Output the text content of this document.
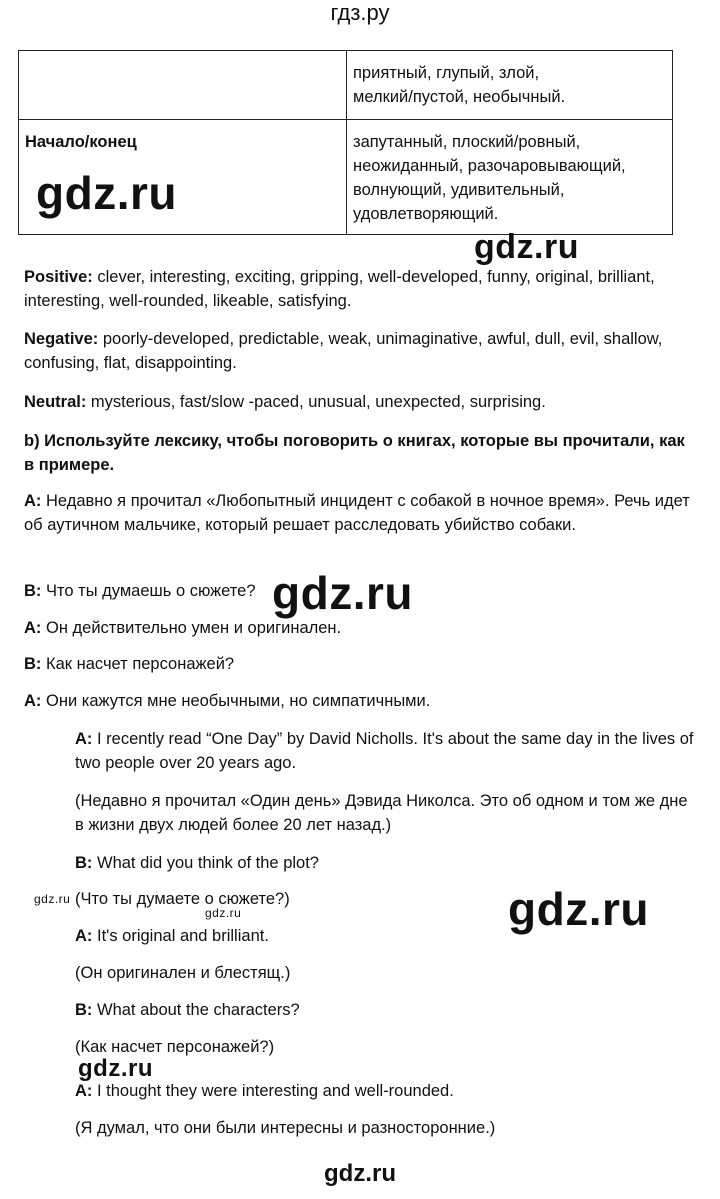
гдз.ру

	приятный, глупый, злой,
мелкий/пустой, необычный.

Начало/конец	запутанный, плоский/ровный,
неожиданный, разочаровывающий,
волнующий, удивительный,
удовлетворяющий.
gdz.ru
gdz.ru

Positive: clever, interesting, exciting, gripping, well-developed, funny, original, brilliant, interesting, well-rounded, likeable, satisfying.

Negative: poorly-developed, predictable, weak, unimaginative, awful, dull, evil, shallow, confusing, flat, disappointing.

Neutral: mysterious, fast/slow -paced, unusual, unexpected, surprising.

b) Используйте лексику, чтобы поговорить о книгах, которые вы прочитали, как в примере.

A: Недавно я прочитал «Любопытный инцидент с собакой в ночное время». Речь идет об аутичном мальчике, который решает расследовать убийство собаки.

B: Что ты думаешь о сюжете? gdz.ru

A: Он действительно умен и оригинален.

B: Как насчет персонажей?

A: Они кажутся мне необычными, но симпатичными.

A: I recently read “One Day” by David Nicholls. It's about the same day in the lives of two people over 20 years ago.

(Недавно я прочитал «Один день» Дэвида Николса. Это об одном и том же дне в жизни двух людей более 20 лет назад.)

B: What did you think of the plot?

gdz.ru (Что ты думаете о сюжете?)

gdz.ru	gdz.ru

A: It's original and brilliant.

(Он оригинален и блестящ.)

B: What about the characters?

(Как насчет персонажей?)

gdz.ru

A: I thought they were interesting and well-rounded.

(Я думал, что они были интересны и разносторонние.)

gdz.ru
